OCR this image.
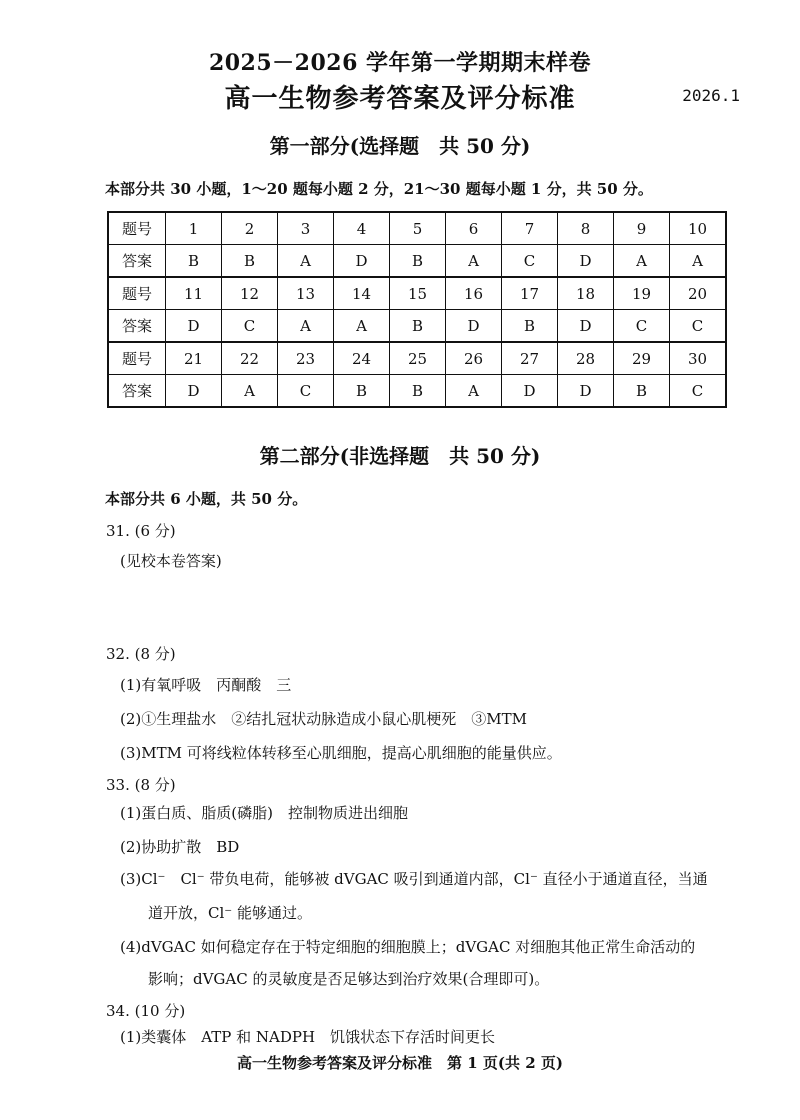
2025－2026 学年第一学期期末样卷
高一生物参考答案及评分标准	2026.1
第一部分(选择题　共 50 分)
本部分共 30 小题，1～20 题每小题 2 分，21～30 题每小题 1 分，共 50 分。
题号	1	2	3	4	5	6	7	8	9	10
答案	B	B	A	D	B	A	C	D	A	A
题号	11	12	13	14	15	16	17	18	19	20
答案	D	C	A	A	B	D	B	D	C	C
题号	21	22	23	24	25	26	27	28	29	30
答案	D	A	C	B	B	A	D	D	B	C
第二部分(非选择题　共 50 分)
本部分共 6 小题，共 50 分。
31. (6 分)
(见校本卷答案)
32. (8 分)
(1)有氧呼吸　丙酮酸　三
(2)①生理盐水　②结扎冠状动脉造成小鼠心肌梗死　③MTM
(3)MTM 可将线粒体转移至心肌细胞，提高心肌细胞的能量供应。
33. (8 分)
(1)蛋白质、脂质(磷脂)　控制物质进出细胞
(2)协助扩散　BD
(3)Cl⁻　Cl⁻ 带负电荷，能够被 dVGAC 吸引到通道内部，Cl⁻ 直径小于通道直径，当通
道开放，Cl⁻ 能够通过。
(4)dVGAC 如何稳定存在于特定细胞的细胞膜上；dVGAC 对细胞其他正常生命活动的
影响；dVGAC 的灵敏度是否足够达到治疗效果(合理即可)。
34. (10 分)
(1)类囊体　ATP 和 NADPH　饥饿状态下存活时间更长
高一生物参考答案及评分标准　第 1 页(共 2 页)
